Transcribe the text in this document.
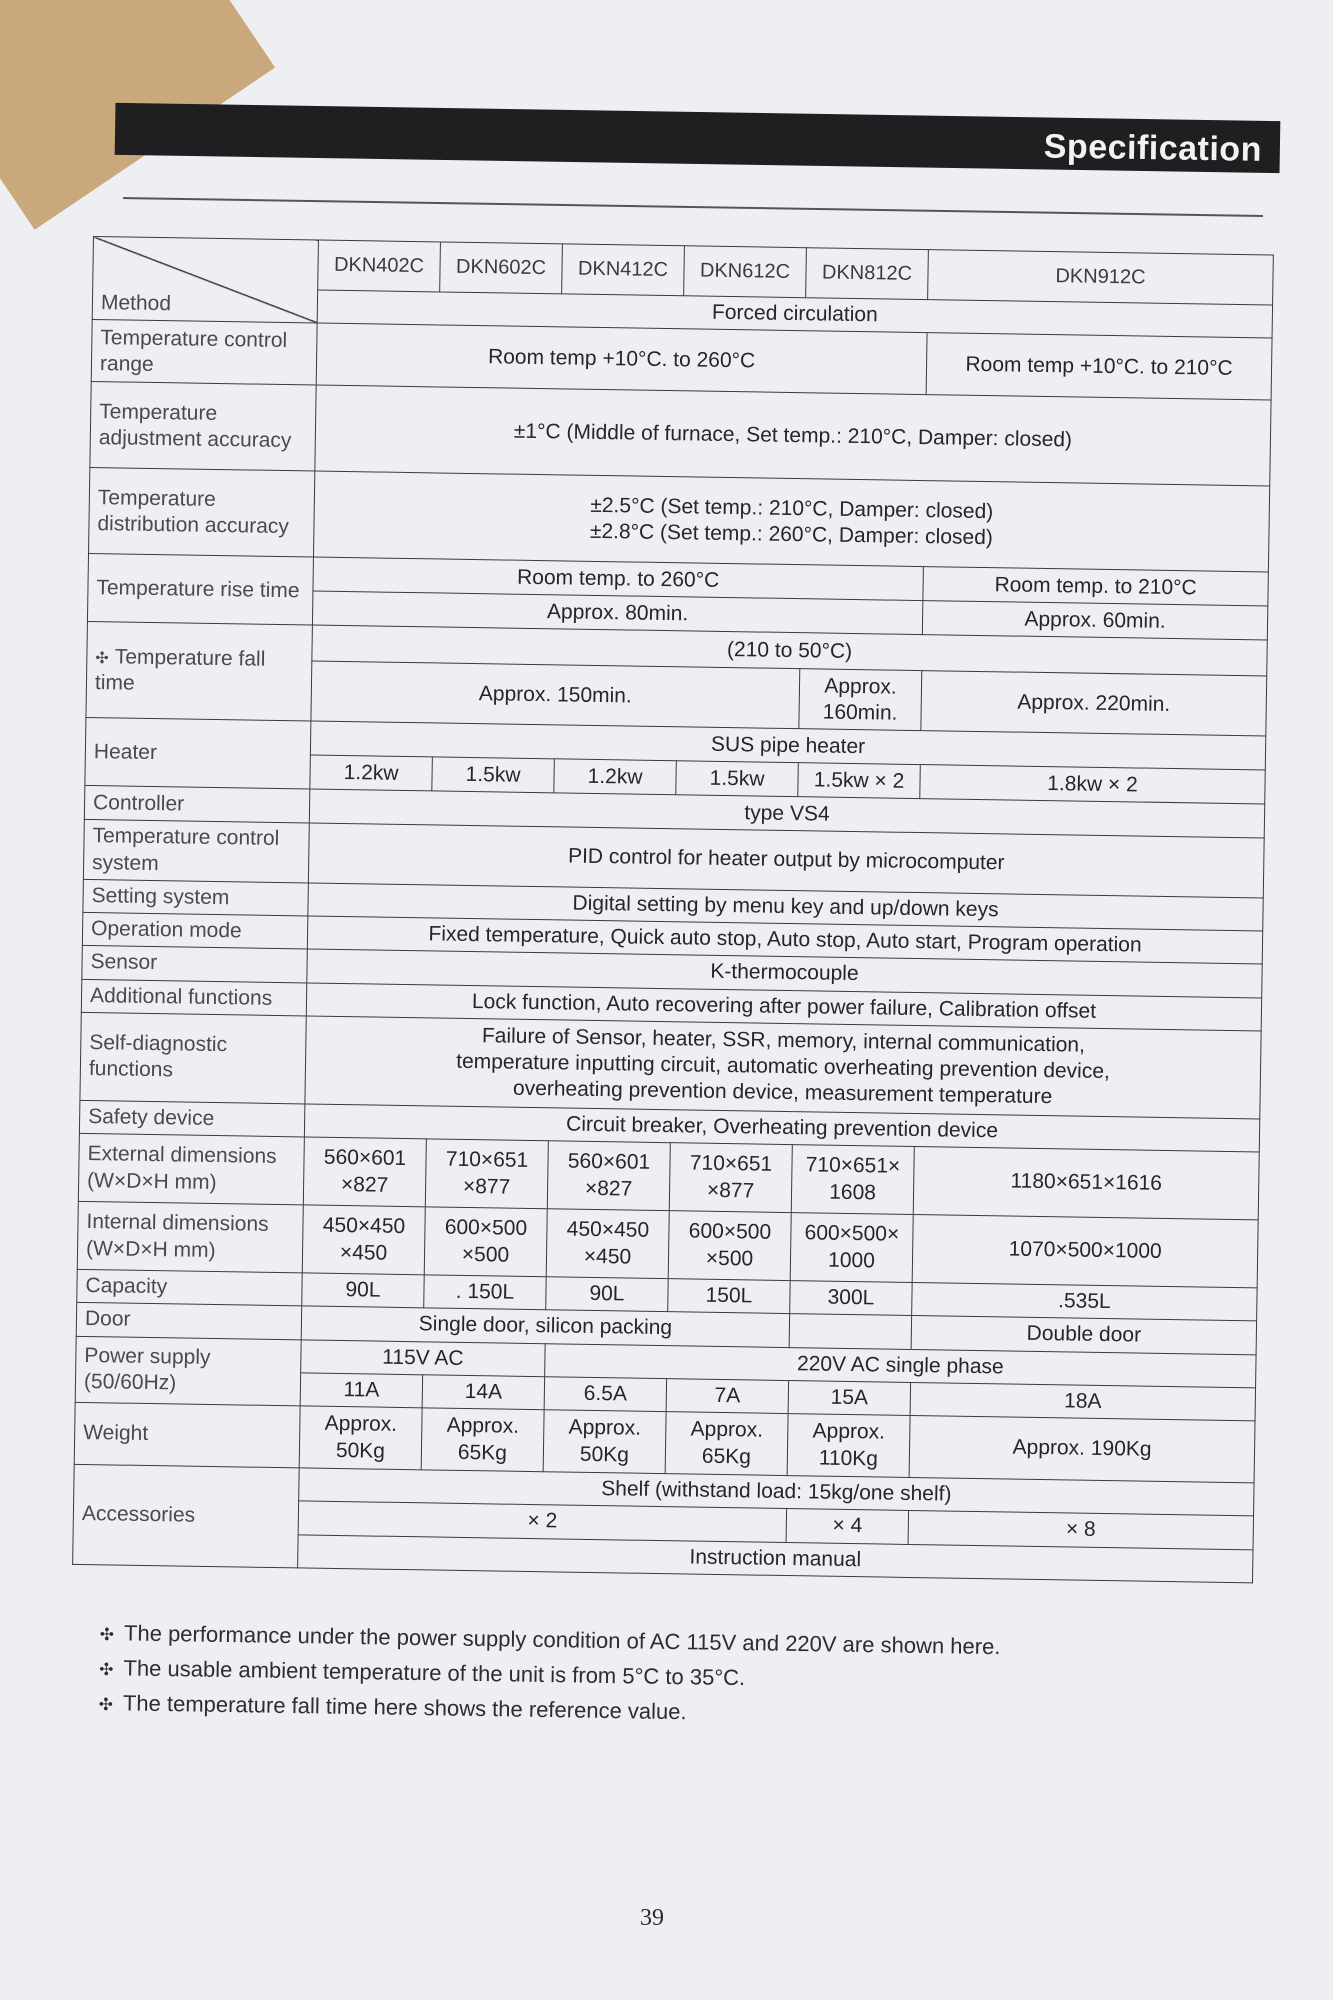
Specification
Method	DKN402C	DKN602C	DKN412C	DKN612C	DKN812C	DKN912C
	Forced circulation					
Temperature control range	Room temp +10°C. to 260°C					Room temp +10°C. to 210°C
Temperature adjustment accuracy	±1°C (Middle of furnace, Set temp.: 210°C, Damper: closed)					
Temperature distribution accuracy	±2.5°C (Set temp.: 210°C, Damper: closed)
±2.8°C (Set temp.: 260°C, Damper: closed)					

Temperature rise time	Room temp. to 260°C					Room temp. to 210°C
	Approx. 80min.					Approx. 60min.
✣ Temperature fall time	(210 to 50°C)					
	Approx. 150min.				Approx. 160min.	Approx. 220min.
Heater	SUS pipe heater					
	1.2kw	1.5kw	1.2kw	1.5kw	1.5kw × 2	1.8kw × 2
Controller	type VS4					
Temperature control system	PID control for heater output by microcomputer					
Setting system	Digital setting by menu key and up/down keys					
Operation mode	Fixed temperature, Quick auto stop, Auto stop, Auto start, Program operation					
Sensor	K-thermocouple					
Additional functions	Lock function, Auto recovering after power failure, Calibration offset					
Self-diagnostic functions	Failure of Sensor, heater, SSR, memory, internal communication,
temperature inputting circuit, automatic overheating prevention device,
overheating prevention device, measurement temperature					

Safety device	Circuit breaker, Overheating prevention device					

External dimensions
(W×D×H mm)	560×601 ×827	710×651 ×877	560×601 ×827	710×651 ×877	710×651× 1608	1180×651×1616

Internal dimensions
(W×D×H mm)	450×450 ×450	600×500 ×500	450×450 ×450	600×500 ×500	600×500× 1000	1070×500×1000
Capacity	90L	. 150L	90L	150L	300L	.535L
Door	Single door, silicon packing					Double door

Power supply
(50/60Hz)	115V AC		220V AC single phase			
	11A	14A	6.5A	7A	15A	18A
Weight	Approx. 50Kg	Approx. 65Kg	Approx. 50Kg	Approx. 65Kg	Approx. 110Kg	Approx. 190Kg
Accessories	Shelf (withstand load: 15kg/one shelf)					
	× 2				× 4	× 8
	Instruction manual					
✣ The performance under the power supply condition of AC 115V and 220V are shown here.
✣ The usable ambient temperature of the unit is from 5°C to 35°C.
✣ The temperature fall time here shows the reference value.
39
